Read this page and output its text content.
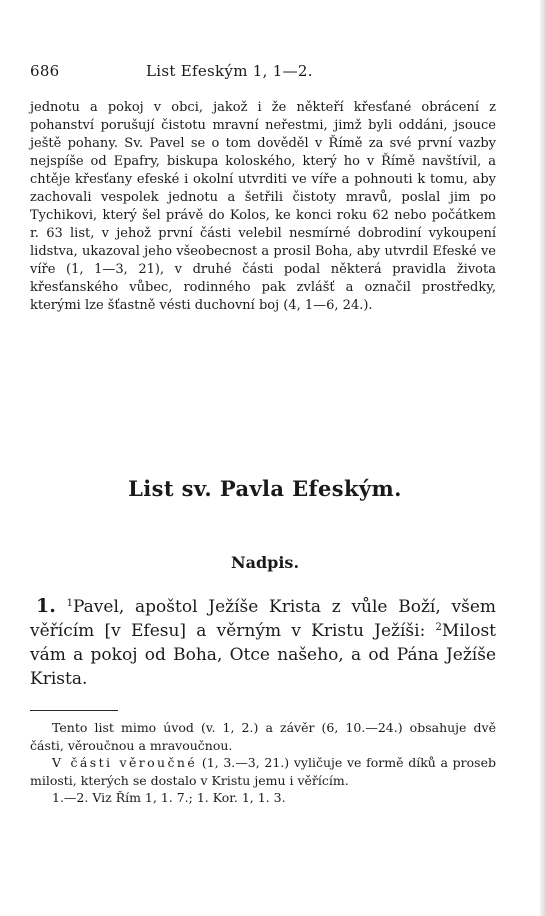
686	List Efeským 1, 1—2.
jednotu a pokoj v obci, jakož i že někteří křesťané obrácení z pohanství porušují čistotu mravní neřestmi, jimž byli oddáni, jsouce ještě pohany. Sv. Pavel se o tom dověděl v Římě za své první vazby nejspíše od Epafry, biskupa koloského, který ho v Římě navštívil, a chtěje křesťany efeské i okolní utvrditi ve víře a pohnouti k tomu, aby zachovali vespolek jednotu a šetřili čistoty mravů, poslal jim po Tychikovi, který šel právě do Kolos, ke konci roku 62 nebo počátkem r. 63 list, v jehož první části velebil nesmírné dobrodiní vykoupení lidstva, ukazoval jeho všeobecnost a prosil Boha, aby utvrdil Efeské ve víře (1, 1—3, 21), v druhé části podal některá pravidla života křesťanského vůbec, rodinného pak zvlášť a označil prostředky, kterými lze šťastně vésti duchovní boj (4, 1—6, 24.).
List sv. Pavla Efeským.
Nadpis.
1. $^1$Pavel, apoštol Ježíše Krista z vůle Boží, všem věřícím [v Efesu] a věrným v Kristu Ježíši: $^2$Milost vám a pokoj od Boha, Otce našeho, a od Pána Ježíše Krista.

Tento list mimo úvod (v. 1, 2.) a závěr (6, 10.—24.) obsahuje dvě části, věroučnou a mravoučnou.

V části věroučné (1, 3.—3, 21.) vyličuje ve formě díků a proseb milosti, kterých se dostalo v Kristu jemu i věřícím.

1.—2. Viz Řím 1, 1. 7.; 1. Kor. 1, 1. 3.
